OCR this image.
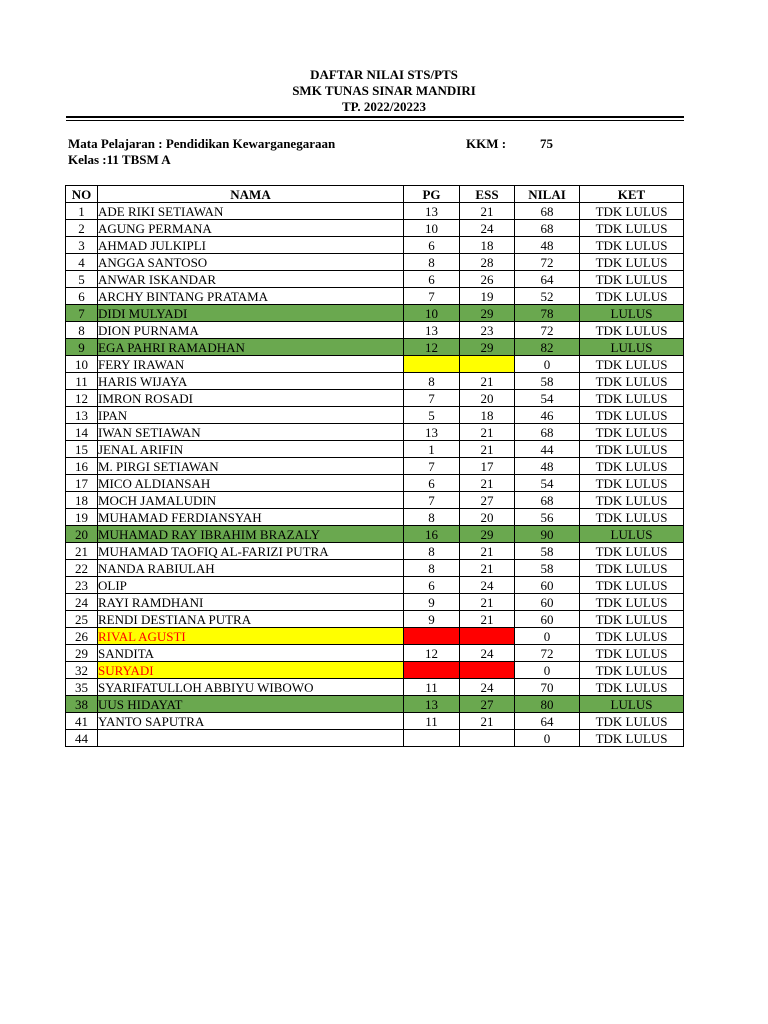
DAFTAR NILAI STS/PTS
SMK TUNAS SINAR MANDIRI
TP. 2022/20223
Mata Pelajaran : Pendidikan Kewarganegaraan
Kelas :11 TBSM A
KKM :	75
NO	NAMA	PG	ESS	NILAI	KET
1	ADE RIKI SETIAWAN	13	21	68	TDK LULUS
2	AGUNG PERMANA	10	24	68	TDK LULUS
3	AHMAD JULKIPLI	6	18	48	TDK LULUS
4	ANGGA SANTOSO	8	28	72	TDK LULUS
5	ANWAR ISKANDAR	6	26	64	TDK LULUS
6	ARCHY BINTANG PRATAMA	7	19	52	TDK LULUS
7	DIDI MULYADI	10	29	78	LULUS
8	DION PURNAMA	13	23	72	TDK LULUS
9	EGA PAHRI RAMADHAN	12	29	82	LULUS
10	FERY IRAWAN			0	TDK LULUS
11	HARIS WIJAYA	8	21	58	TDK LULUS
12	IMRON ROSADI	7	20	54	TDK LULUS
13	IPAN	5	18	46	TDK LULUS
14	IWAN SETIAWAN	13	21	68	TDK LULUS
15	JENAL ARIFIN	1	21	44	TDK LULUS
16	M. PIRGI SETIAWAN	7	17	48	TDK LULUS
17	MICO ALDIANSAH	6	21	54	TDK LULUS
18	MOCH JAMALUDIN	7	27	68	TDK LULUS
19	MUHAMAD FERDIANSYAH	8	20	56	TDK LULUS
20	MUHAMAD RAY IBRAHIM BRAZALY	16	29	90	LULUS
21	MUHAMAD TAOFIQ AL-FARIZI PUTRA	8	21	58	TDK LULUS
22	NANDA RABIULAH	8	21	58	TDK LULUS
23	OLIP	6	24	60	TDK LULUS
24	RAYI RAMDHANI	9	21	60	TDK LULUS
25	RENDI DESTIANA PUTRA	9	21	60	TDK LULUS
26	RIVAL AGUSTI			0	TDK LULUS
29	SANDITA	12	24	72	TDK LULUS
32	SURYADI			0	TDK LULUS
35	SYARIFATULLOH ABBIYU WIBOWO	11	24	70	TDK LULUS
38	UUS HIDAYAT	13	27	80	LULUS
41	YANTO SAPUTRA	11	21	64	TDK LULUS
44				0	TDK LULUS
